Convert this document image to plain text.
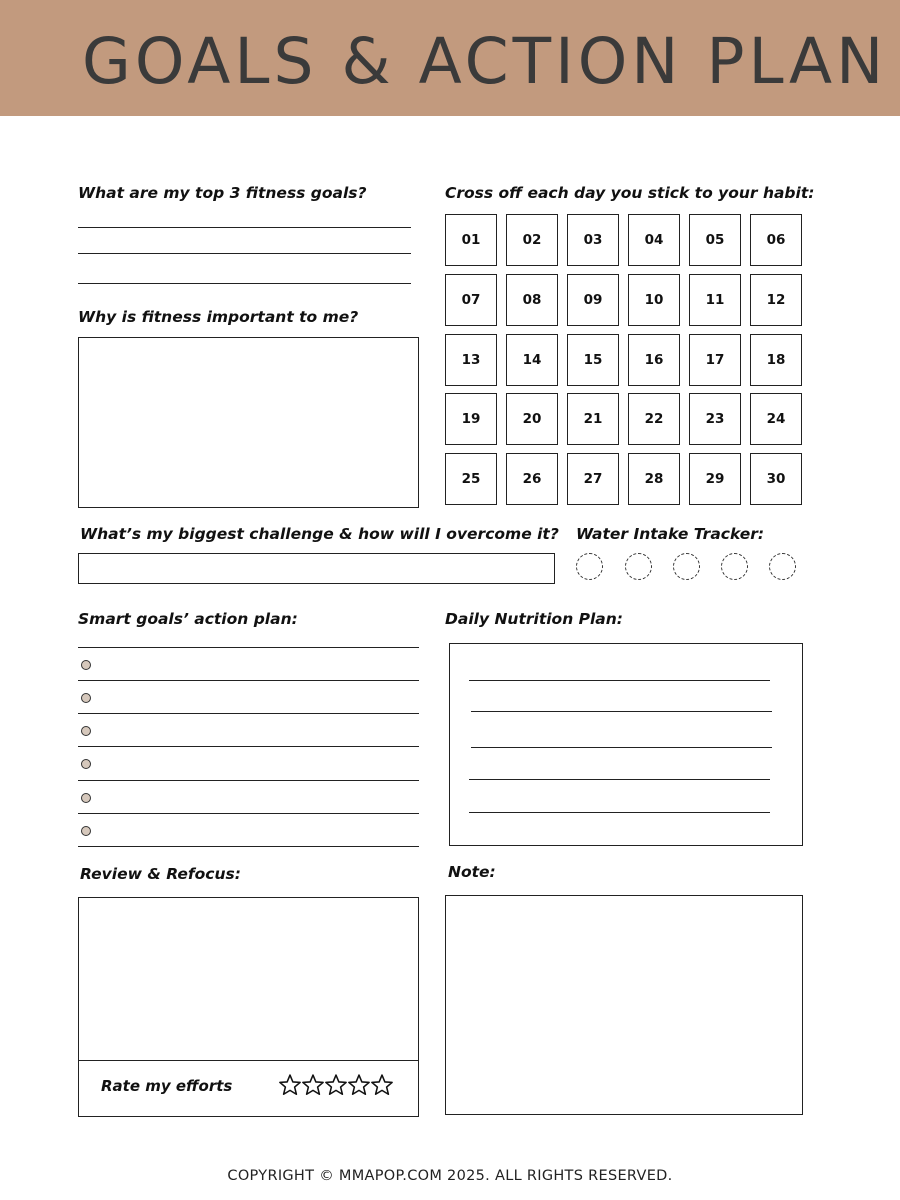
GOALS & ACTION PLAN
What are my top 3 fitness goals?
Why is fitness important to me?
Cross off each day you stick to your habit:
01	02	03	04	05	06
07	08	09	10	11	12
13	14	15	16	17	18
19	20	21	22	23	24
25	26	27	28	29	30
What’s my biggest challenge & how will I overcome it? Water Intake Tracker:
Smart goals’ action plan:	Daily Nutrition Plan:
Review & Refocus:
Rate my efforts
Note:
COPYRIGHT © MMAPOP.COM 2025. ALL RIGHTS RESERVED.
